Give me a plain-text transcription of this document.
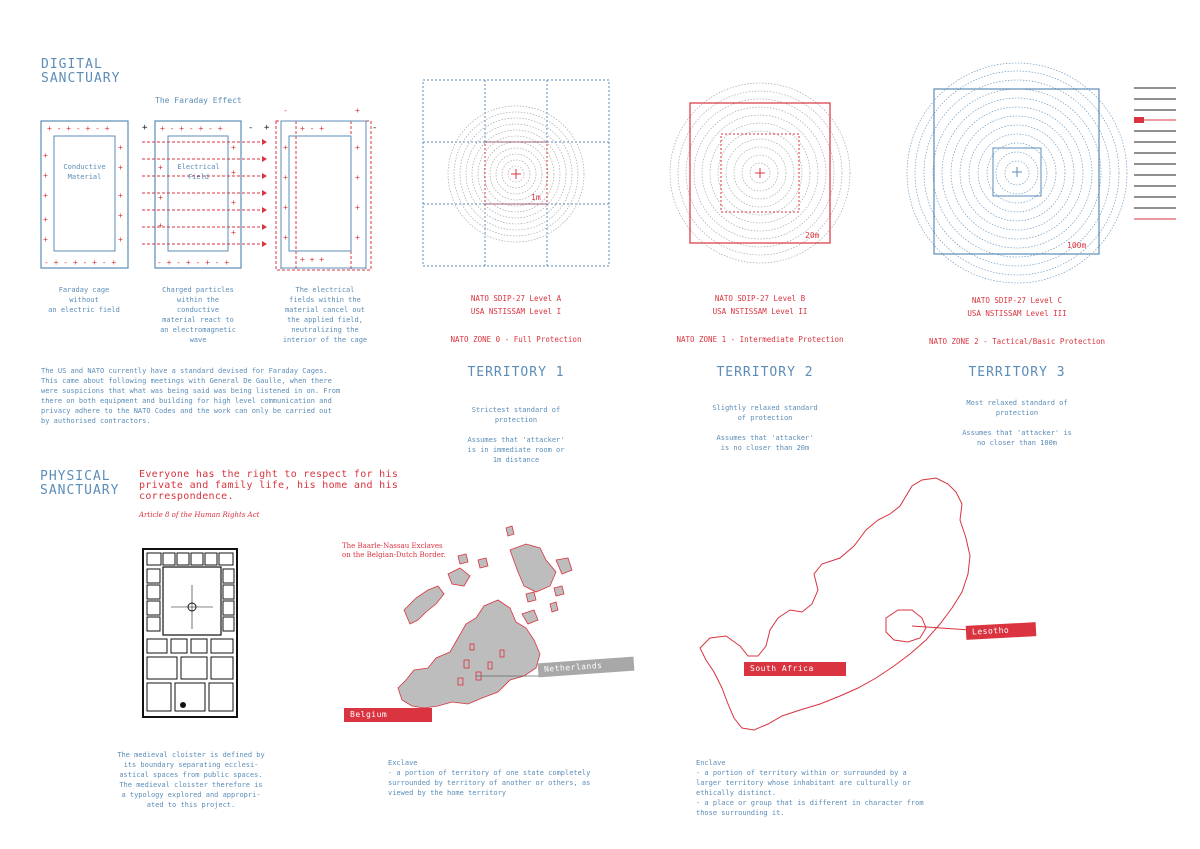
DIGITAL
SANCTUARY
The Faraday Effect
+ - + - + - +
- + - + - + - +
+
+
+
+
+
+
+
+
+
+
+ - + - + - +
- + - + - + - +
+
+
+
+
+
+
+
+	-
-	+
+ - +
+ + +
+
+
+
+
+
+
+
+
+	-
Conductive
Material
Electrical
Field
Faraday cage
without
an electric field
Charged particles
within the
conductive
material react to
an electromagnetic
wave
The electrical
fields within the
material cancel out
the applied field,
neutralizing the
interior of the cage
The US and NATO currently have a standard devised for Faraday Cages.
This came about following meetings with General De Gaulle, when there
were suspicions that what was being said was being listened in on. From
there on both equipment and building for high level communication and
privacy adhere to the NATO Codes and the work can only be carried out
by authorised contractors.
1m
20m
100m
NATO SDIP-27 Level A
USA NSTISSAM Level I
NATO ZONE 0 - Full Protection
TERRITORY 1
Strictest standard of
protection
Assumes that 'attacker'
is in immediate room or
1m distance
NATO SDIP-27 Level B
USA NSTISSAM Level II
NATO ZONE 1 - Intermediate Protection
TERRITORY 2
Slightly relaxed standard
of protection
Assumes that 'attacker'
is no closer than 20m
NATO SDIP-27 Level C
USA NSTISSAM Level III
NATO ZONE 2 - Tactical/Basic Protection
TERRITORY 3
Most relaxed standard of
protection
Assumes that 'attacker' is
no closer than 100m
PHYSICAL
SANCTUARY
Everyone has the right to respect for his
private and family life, his home and his
correspondence.
Article 8 of the Human Rights Act
The medieval cloister is defined by
its boundary separating ecclesi-
astical spaces from public spaces.
The medieval cloister therefore is
a typology explored and appropri-
ated to this project.
The Baarle-Nassau Exclaves
on the Belgian-Dutch Border.
Netherlands
Belgium
Exclave
- a portion of territory of one state completely
surrounded by territory of another or others, as
viewed by the home territory
South Africa
Lesotho
Enclave
- a portion of territory within or surrounded by a
larger territory whose inhabitant are culturally or
ethically distinct.
- a place or group that is different in character from
those surrounding it.
